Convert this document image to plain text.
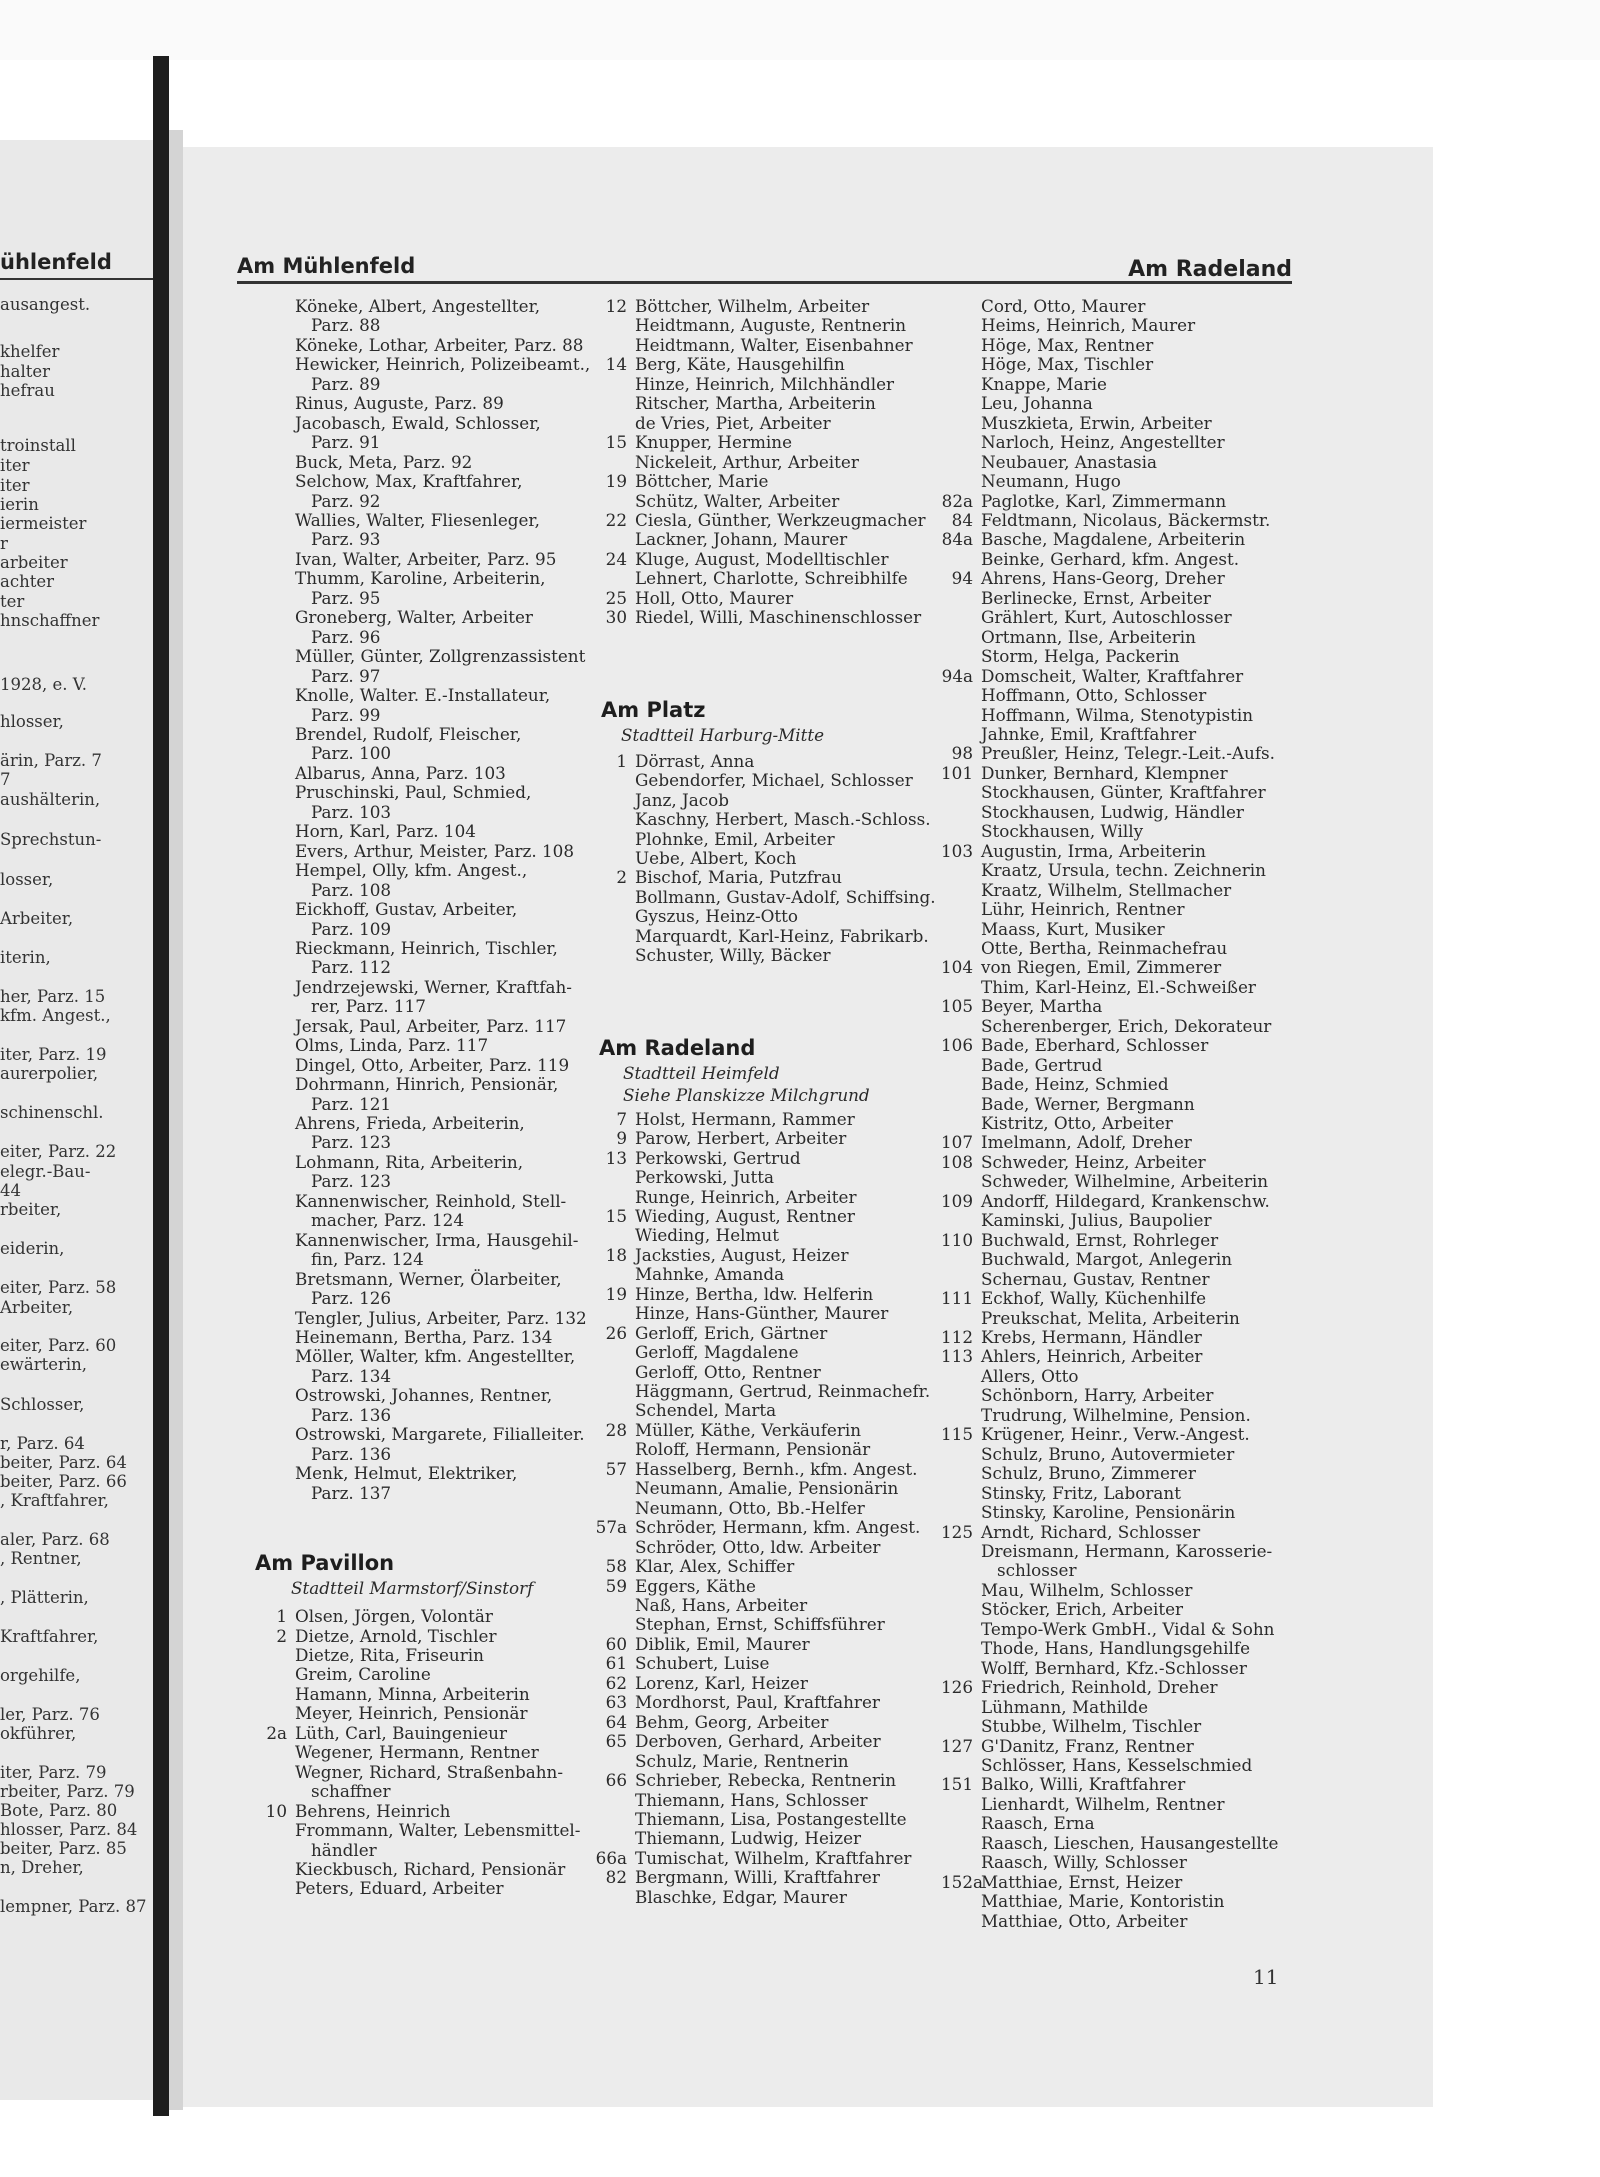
ühlenfeld
ausangest.
khelfer
halter
hefrau
troinstall
iter
iter
ierin
iermeister
r
arbeiter
achter
ter
hnschaffner
1928, e. V.
hlosser,
ärin, Parz. 7
7
aushälterin,
Sprechstun-
losser,
Arbeiter,
iterin,
her, Parz. 15
kfm. Angest.,
iter, Parz. 19
aurerpolier,
schinenschl.
eiter, Parz. 22
elegr.-Bau-
44
rbeiter,
eiderin,
eiter, Parz. 58
Arbeiter,
eiter, Parz. 60
ewärterin,
Schlosser,
r, Parz. 64
beiter, Parz. 64
beiter, Parz. 66
, Kraftfahrer,
aler, Parz. 68
, Rentner,
, Plätterin,
Kraftfahrer,
orgehilfe,
ler, Parz. 76
okführer,
iter, Parz. 79
rbeiter, Parz. 79
Bote, Parz. 80
hlosser, Parz. 84
beiter, Parz. 85
n, Dreher,
lempner, Parz. 87
Am Mühlenfeld	Am Radeland
Köneke, Albert, Angestellter,
Parz. 88
Köneke, Lothar, Arbeiter, Parz. 88
Hewicker, Heinrich, Polizeibeamt.,
Parz. 89
Rinus, Auguste, Parz. 89
Jacobasch, Ewald, Schlosser,
Parz. 91
Buck, Meta, Parz. 92
Selchow, Max, Kraftfahrer,
Parz. 92
Wallies, Walter, Fliesenleger,
Parz. 93
Ivan, Walter, Arbeiter, Parz. 95
Thumm, Karoline, Arbeiterin,
Parz. 95
Groneberg, Walter, Arbeiter
Parz. 96
Müller, Günter, Zollgrenzassistent
Parz. 97
Knolle, Walter. E.-Installateur,
Parz. 99
Brendel, Rudolf, Fleischer,
Parz. 100
Albarus, Anna, Parz. 103
Pruschinski, Paul, Schmied,
Parz. 103
Horn, Karl, Parz. 104
Evers, Arthur, Meister, Parz. 108
Hempel, Olly, kfm. Angest.,
Parz. 108
Eickhoff, Gustav, Arbeiter,
Parz. 109
Rieckmann, Heinrich, Tischler,
Parz. 112
Jendrzejewski, Werner, Kraftfah-
rer, Parz. 117
Jersak, Paul, Arbeiter, Parz. 117
Olms, Linda, Parz. 117
Dingel, Otto, Arbeiter, Parz. 119
Dohrmann, Hinrich, Pensionär,
Parz. 121
Ahrens, Frieda, Arbeiterin,
Parz. 123
Lohmann, Rita, Arbeiterin,
Parz. 123
Kannenwischer, Reinhold, Stell-
macher, Parz. 124
Kannenwischer, Irma, Hausgehil-
fin, Parz. 124
Bretsmann, Werner, Ölarbeiter,
Parz. 126
Tengler, Julius, Arbeiter, Parz. 132
Heinemann, Bertha, Parz. 134
Möller, Walter, kfm. Angestellter,
Parz. 134
Ostrowski, Johannes, Rentner,
Parz. 136
Ostrowski, Margarete, Filialleiter.
Parz. 136
Menk, Helmut, Elektriker,
Parz. 137
Am Pavillon
Stadtteil Marmstorf/Sinstorf
1 Olsen, Jörgen, Volontär
2 Dietze, Arnold, Tischler
Dietze, Rita, Friseurin
Greim, Caroline
Hamann, Minna, Arbeiterin
Meyer, Heinrich, Pensionär
2a Lüth, Carl, Bauingenieur
Wegener, Hermann, Rentner
Wegner, Richard, Straßenbahn-
schaffner
10 Behrens, Heinrich
Frommann, Walter, Lebensmittel-
händler
Kieckbusch, Richard, Pensionär
Peters, Eduard, Arbeiter
12 Böttcher, Wilhelm, Arbeiter
Heidtmann, Auguste, Rentnerin
Heidtmann, Walter, Eisenbahner
14 Berg, Käte, Hausgehilfin
Hinze, Heinrich, Milchhändler
Ritscher, Martha, Arbeiterin
de Vries, Piet, Arbeiter
15 Knupper, Hermine
Nickeleit, Arthur, Arbeiter
19 Böttcher, Marie
Schütz, Walter, Arbeiter
22 Ciesla, Günther, Werkzeugmacher
Lackner, Johann, Maurer
24 Kluge, August, Modelltischler
Lehnert, Charlotte, Schreibhilfe
25 Holl, Otto, Maurer
30 Riedel, Willi, Maschinenschlosser
Am Platz
Stadtteil Harburg-Mitte
1 Dörrast, Anna
Gebendorfer, Michael, Schlosser
Janz, Jacob
Kaschny, Herbert, Masch.-Schloss.
Plohnke, Emil, Arbeiter
Uebe, Albert, Koch
2 Bischof, Maria, Putzfrau
Bollmann, Gustav-Adolf, Schiffsing.
Gyszus, Heinz-Otto
Marquardt, Karl-Heinz, Fabrikarb.
Schuster, Willy, Bäcker
Am Radeland
Stadtteil Heimfeld
Siehe Planskizze Milchgrund
7 Holst, Hermann, Rammer
9 Parow, Herbert, Arbeiter
13 Perkowski, Gertrud
Perkowski, Jutta
Runge, Heinrich, Arbeiter
15 Wieding, August, Rentner
Wieding, Helmut
18 Jacksties, August, Heizer
Mahnke, Amanda
19 Hinze, Bertha, ldw. Helferin
Hinze, Hans-Günther, Maurer
26 Gerloff, Erich, Gärtner
Gerloff, Magdalene
Gerloff, Otto, Rentner
Häggmann, Gertrud, Reinmachefr.
Schendel, Marta
28 Müller, Käthe, Verkäuferin
Roloff, Hermann, Pensionär
57 Hasselberg, Bernh., kfm. Angest.
Neumann, Amalie, Pensionärin
Neumann, Otto, Bb.-Helfer
57a Schröder, Hermann, kfm. Angest.
Schröder, Otto, ldw. Arbeiter
58 Klar, Alex, Schiffer
59 Eggers, Käthe
Naß, Hans, Arbeiter
Stephan, Ernst, Schiffsführer
60 Diblik, Emil, Maurer
61 Schubert, Luise
62 Lorenz, Karl, Heizer
63 Mordhorst, Paul, Kraftfahrer
64 Behm, Georg, Arbeiter
65 Derboven, Gerhard, Arbeiter
Schulz, Marie, Rentnerin
66 Schrieber, Rebecka, Rentnerin
Thiemann, Hans, Schlosser
Thiemann, Lisa, Postangestellte
Thiemann, Ludwig, Heizer
66a Tumischat, Wilhelm, Kraftfahrer
82 Bergmann, Willi, Kraftfahrer
Blaschke, Edgar, Maurer
Cord, Otto, Maurer
Heims, Heinrich, Maurer
Höge, Max, Rentner
Höge, Max, Tischler
Knappe, Marie
Leu, Johanna
Muszkieta, Erwin, Arbeiter
Narloch, Heinz, Angestellter
Neubauer, Anastasia
Neumann, Hugo
82a Paglotke, Karl, Zimmermann
84 Feldtmann, Nicolaus, Bäckermstr.
84a Basche, Magdalene, Arbeiterin
Beinke, Gerhard, kfm. Angest.
94 Ahrens, Hans-Georg, Dreher
Berlinecke, Ernst, Arbeiter
Grählert, Kurt, Autoschlosser
Ortmann, Ilse, Arbeiterin
Storm, Helga, Packerin
94a Domscheit, Walter, Kraftfahrer
Hoffmann, Otto, Schlosser
Hoffmann, Wilma, Stenotypistin
Jahnke, Emil, Kraftfahrer
98 Preußler, Heinz, Telegr.-Leit.-Aufs.
101 Dunker, Bernhard, Klempner
Stockhausen, Günter, Kraftfahrer
Stockhausen, Ludwig, Händler
Stockhausen, Willy
103 Augustin, Irma, Arbeiterin
Kraatz, Ursula, techn. Zeichnerin
Kraatz, Wilhelm, Stellmacher
Lühr, Heinrich, Rentner
Maass, Kurt, Musiker
Otte, Bertha, Reinmachefrau
104 von Riegen, Emil, Zimmerer
Thim, Karl-Heinz, El.-Schweißer
105 Beyer, Martha
Scherenberger, Erich, Dekorateur
106 Bade, Eberhard, Schlosser
Bade, Gertrud
Bade, Heinz, Schmied
Bade, Werner, Bergmann
Kistritz, Otto, Arbeiter
107 Imelmann, Adolf, Dreher
108 Schweder, Heinz, Arbeiter
Schweder, Wilhelmine, Arbeiterin
109 Andorff, Hildegard, Krankenschw.
Kaminski, Julius, Baupolier
110 Buchwald, Ernst, Rohrleger
Buchwald, Margot, Anlegerin
Schernau, Gustav, Rentner
111 Eckhof, Wally, Küchenhilfe
Preukschat, Melita, Arbeiterin
112 Krebs, Hermann, Händler
113 Ahlers, Heinrich, Arbeiter
Allers, Otto
Schönborn, Harry, Arbeiter
Trudrung, Wilhelmine, Pension.
115 Krügener, Heinr., Verw.-Angest.
Schulz, Bruno, Autovermieter
Schulz, Bruno, Zimmerer
Stinsky, Fritz, Laborant
Stinsky, Karoline, Pensionärin
125 Arndt, Richard, Schlosser
Dreismann, Hermann, Karosserie-
schlosser
Mau, Wilhelm, Schlosser
Stöcker, Erich, Arbeiter
Tempo-Werk GmbH., Vidal & Sohn
Thode, Hans, Handlungsgehilfe
Wolff, Bernhard, Kfz.-Schlosser
126 Friedrich, Reinhold, Dreher
Lühmann, Mathilde
Stubbe, Wilhelm, Tischler
127 G'Danitz, Franz, Rentner
Schlösser, Hans, Kesselschmied
151 Balko, Willi, Kraftfahrer
Lienhardt, Wilhelm, Rentner
Raasch, Erna
Raasch, Lieschen, Hausangestellte
Raasch, Willy, Schlosser
152a
Matthiae, Ernst, Heizer
Matthiae, Marie, Kontoristin
Matthiae, Otto, Arbeiter
11
